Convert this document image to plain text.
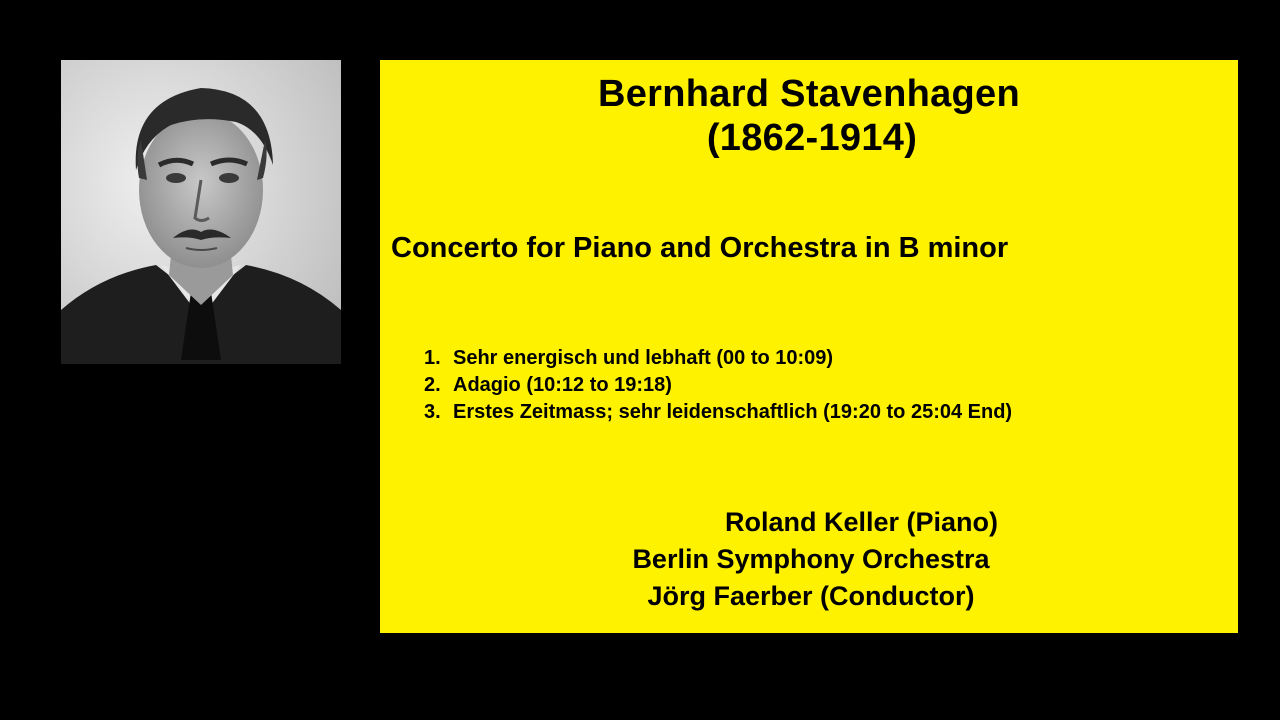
Bernhard Stavenhagen
(1862-1914)
Concerto for Piano and Orchestra in B minor
1. Sehr energisch und lebhaft (00 to 10:09)
2. Adagio (10:12 to 19:18)
3. Erstes Zeitmass; sehr leidenschaftlich (19:20 to 25:04 End)
Roland Keller (Piano)
Berlin Symphony Orchestra
Jörg Faerber (Conductor)
